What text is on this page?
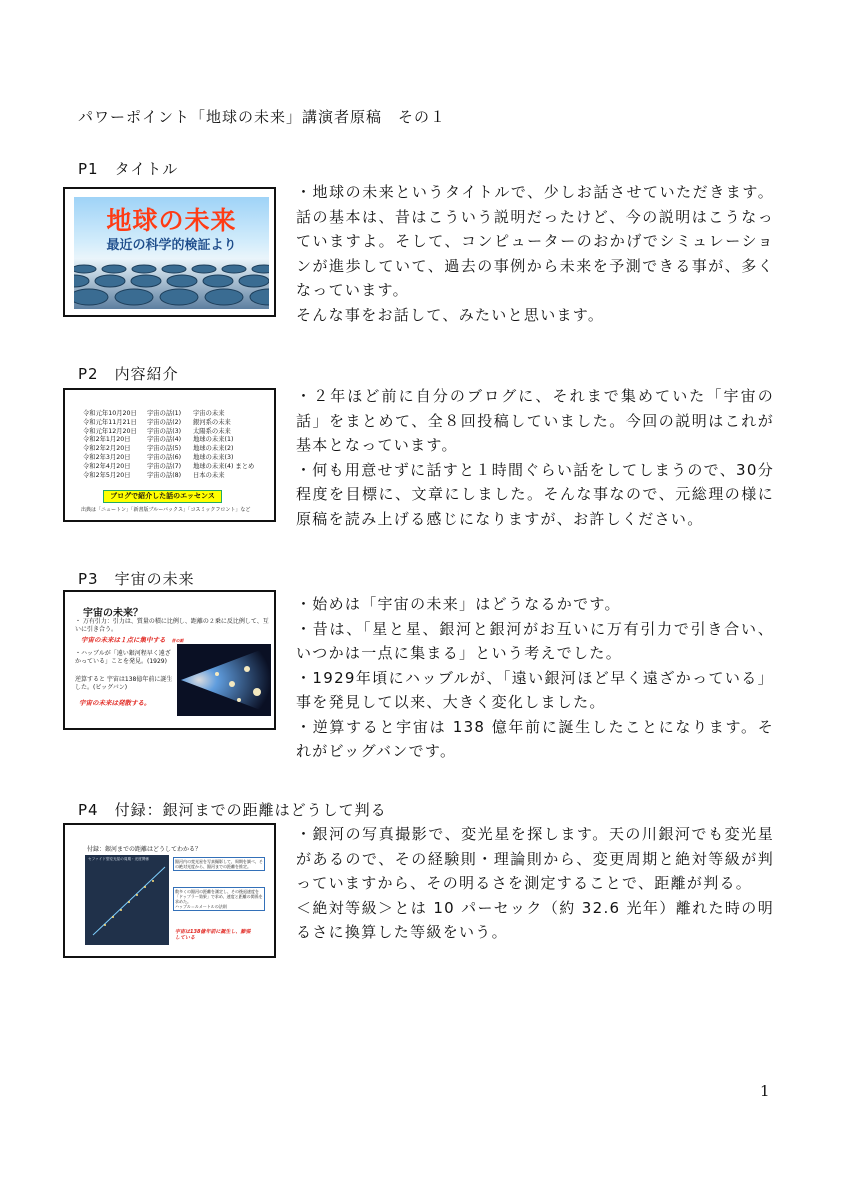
パワーポイント「地球の未来」講演者原稿　その１
P1　タイトル
地球の未来
最近の科学的検証より

・地球の未来というタイトルで、少しお話させていただきます。話の基本は、昔はこういう説明だったけど、今の説明はこうなっていますよ。そして、コンピューターのおかげでシミュレーションが進歩していて、過去の事例から未来を予測できる事が、多くなっています。

そんな事をお話して、みたいと思います。

P2　内容紹介
令和元年10月20日 宇宙の話(1) 宇宙の未来
令和元年11月21日 宇宙の話(2) 銀河系の未来
令和元年12月20日 宇宙の話(3) 太陽系の未来
令和2年1月20日	宇宙の話(4) 地球の未来(1)
令和2年2月20日	宇宙の話(5) 地球の未来(2)
令和2年3月20日	宇宙の話(6) 地球の未来(3)
令和2年4月20日	宇宙の話(7) 地球の未来(4) まとめ
令和2年5月20日	宇宙の話(8) 日本の未来
ブログで紹介した話のエッセンス
出典は「ニュートン」「新書版ブルーバックス」「コスミックフロント」など

・２年ほど前に自分のブログに、それまで集めていた「宇宙の話」をまとめて、全８回投稿していました。今回の説明はこれが基本となっています。

・何も用意せずに話すと１時間ぐらい話をしてしまうので、30分程度を目標に、文章にしました。そんな事なので、元総理の様に原稿を読み上げる感じになりますが、お許しください。

P3　宇宙の未来
宇宙の未来？
・ 万有引力：引力は、質量の積に比例し、距離の２乗に反比例して、互いに引き合う。
宇宙の未来は１点に集中する 昔の説
・ハッブルが「遠い銀河程早く遠ざかっている」ことを発見。(1929)
逆算すると 宇宙は138億年前に誕生した。(ビッグバン)
宇宙の未来は発散する。

・始めは「宇宙の未来」はどうなるかです。

・昔は、「星と星、銀河と銀河がお互いに万有引力で引き合い、いつかは一点に集まる」という考えでした。

・1929年頃にハッブルが、「遠い銀河ほど早く遠ざかっている」事を発見して以来、大きく変化しました。

・逆算すると宇宙は 138 億年前に誕生したことになります。それがビッグバンです。

P4　付録：銀河までの距離はどうして判る
付録：銀河までの距離はどうしてわかる？
セファイド型変光星の周期・光度関係	銀河内の変光星を写真撮影して、周期を調べ、その絶対光度から、銀河までの距離を推定。
数多くの銀河の距離を測定し、その後退速度を「ドップラー効果」で求め、速度と距離の関係を求めた。
ハッブル＝ルメートルの法則
宇宙は138億年前に誕生し、膨張している

・銀河の写真撮影で、変光星を探します。天の川銀河でも変光星があるので、その経験則・理論則から、変更周期と絶対等級が判っていますから、その明るさを測定することで、距離が判る。

＜絶対等級＞とは 10 パーセック（約 32.6 光年）離れた時の明るさに換算した等級をいう。

1
